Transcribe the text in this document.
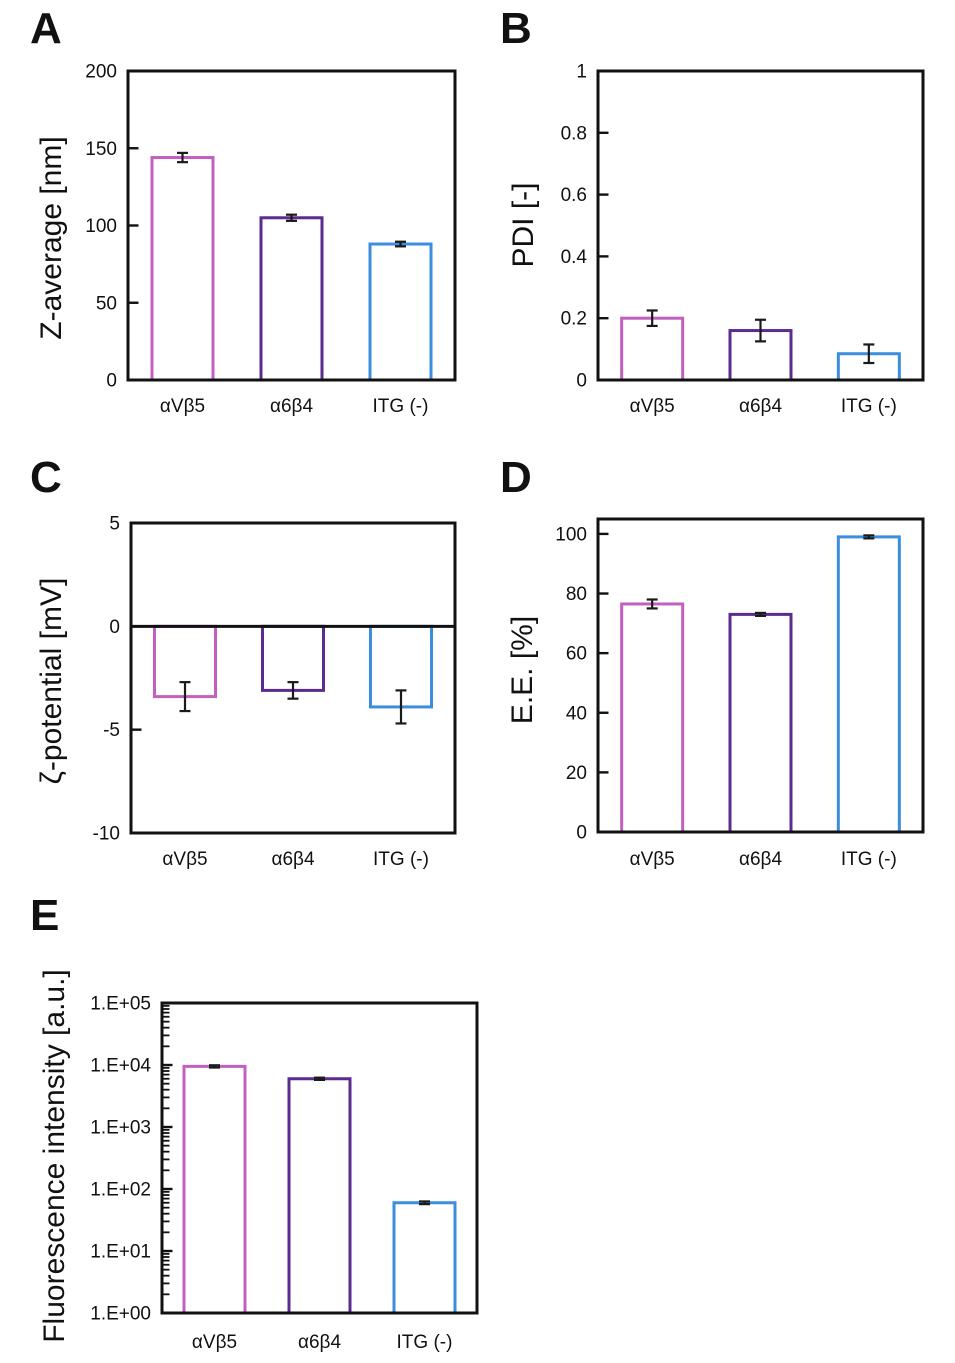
0
50
100
150
200
αVβ5	α6β4	ITG (-)
0
0.2
0.4
0.6
0.8
1
αVβ5	α6β4	ITG (-)
5
0
-5
-10
αVβ5	α6β4	ITG (-)
0
20
40
60
80
100
αVβ5	α6β4	ITG (-)
1.E+00
1.E+01
1.E+02
1.E+03
1.E+04
1.E+05
αVβ5	α6β4	ITG (-)
A	B
C	D
E
Z-average [nm]	PDI [-]
ζ-potential [mV]	E.E. [%]
Fluorescence intensity [a.u.]
